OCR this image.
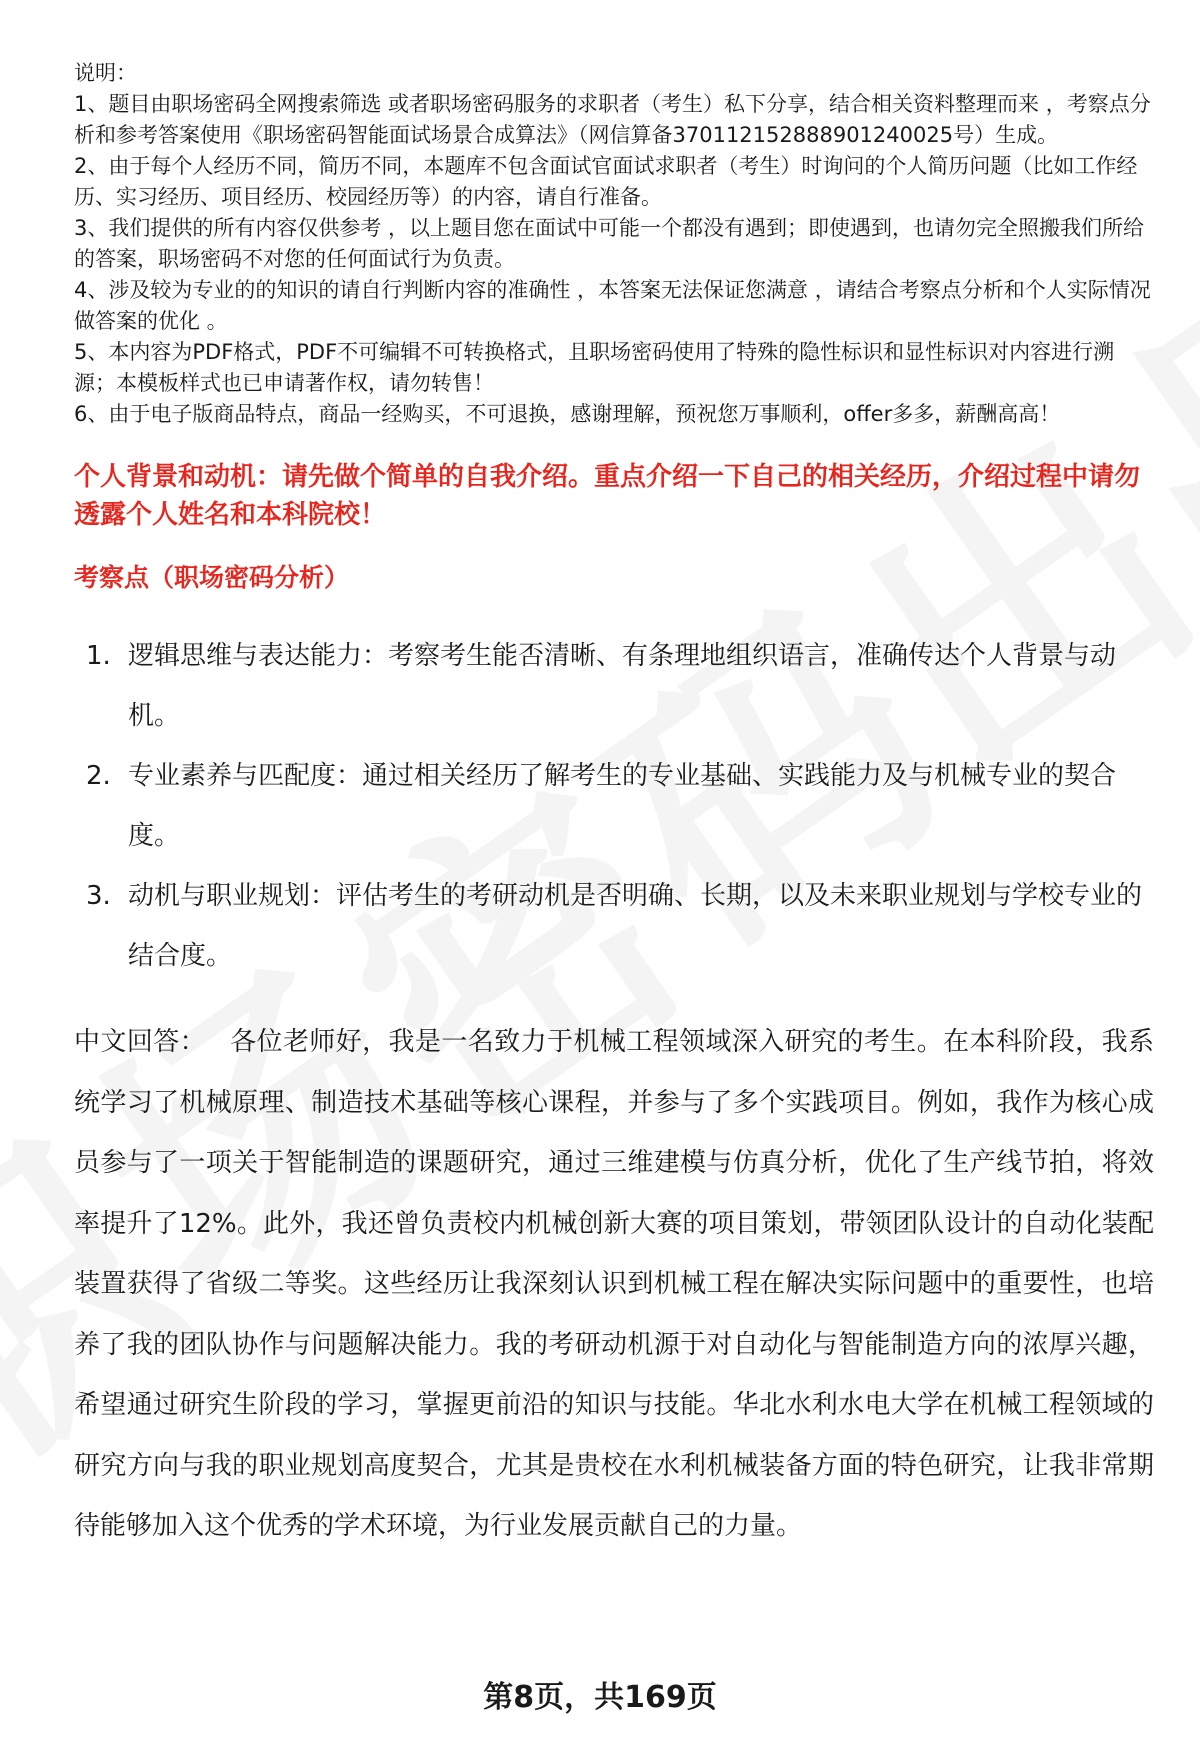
说明：

1、题目由职场密码全网搜索筛选 或者职场密码服务的求职者（考生）私下分享，结合相关资料整理而来 ，考察点分析和参考答案使用《职场密码智能面试场景合成算法》（网信算备370112152888901240025号）生成。

2、由于每个人经历不同，简历不同，本题库不包含面试官面试求职者（考生）时询问的个人简历问题（比如工作经历、实习经历、项目经历、校园经历等）的内容，请自行准备。

3、我们提供的所有内容仅供参考 ，以上题目您在面试中可能一个都没有遇到；即使遇到，也请勿完全照搬我们所给的答案，职场密码不对您的任何面试行为负责。

4、涉及较为专业的的知识的请自行判断内容的准确性 ，本答案无法保证您满意 ，请结合考察点分析和个人实际情况做答案的优化 。

5、本内容为PDF格式，PDF不可编辑不可转换格式，且职场密码使用了特殊的隐性标识和显性标识对内容进行溯源；本模板样式也已申请著作权，请勿转售！

6、由于电子版商品特点，商品一经购买，不可退换，感谢理解，预祝您万事顺利，offer多多，薪酬高高！

个人背景和动机：请先做个简单的自我介绍。重点介绍一下自己的相关经历，介绍过程中请勿透露个人姓名和本科院校！
考察点（职场密码分析）
1. 逻辑思维与表达能力：考察考生能否清晰、有条理地组织语言，准确传达个人背景与动机。
2. 专业素养与匹配度：通过相关经历了解考生的专业基础、实践能力及与机械专业的契合度。
3. 动机与职业规划：评估考生的考研动机是否明确、长期，以及未来职业规划与学校专业的结合度。
中文回答： 各位老师好，我是一名致力于机械工程领域深入研究的考生。在本科阶段，我系统学习了机械原理、制造技术基础等核心课程，并参与了多个实践项目。例如，我作为核心成员参与了一项关于智能制造的课题研究，通过三维建模与仿真分析，优化了生产线节拍，将效率提升了12%。此外，我还曾负责校内机械创新大赛的项目策划，带领团队设计的自动化装配装置获得了省级二等奖。这些经历让我深刻认识到机械工程在解决实际问题中的重要性，也培养了我的团队协作与问题解决能力。我的考研动机源于对自动化与智能制造方向的浓厚兴趣，希望通过研究生阶段的学习，掌握更前沿的知识与技能。华北水利水电大学在机械工程领域的研究方向与我的职业规划高度契合，尤其是贵校在水利机械装备方面的特色研究，让我非常期待能够加入这个优秀的学术环境，为行业发展贡献自己的力量。
第8页，共169页
